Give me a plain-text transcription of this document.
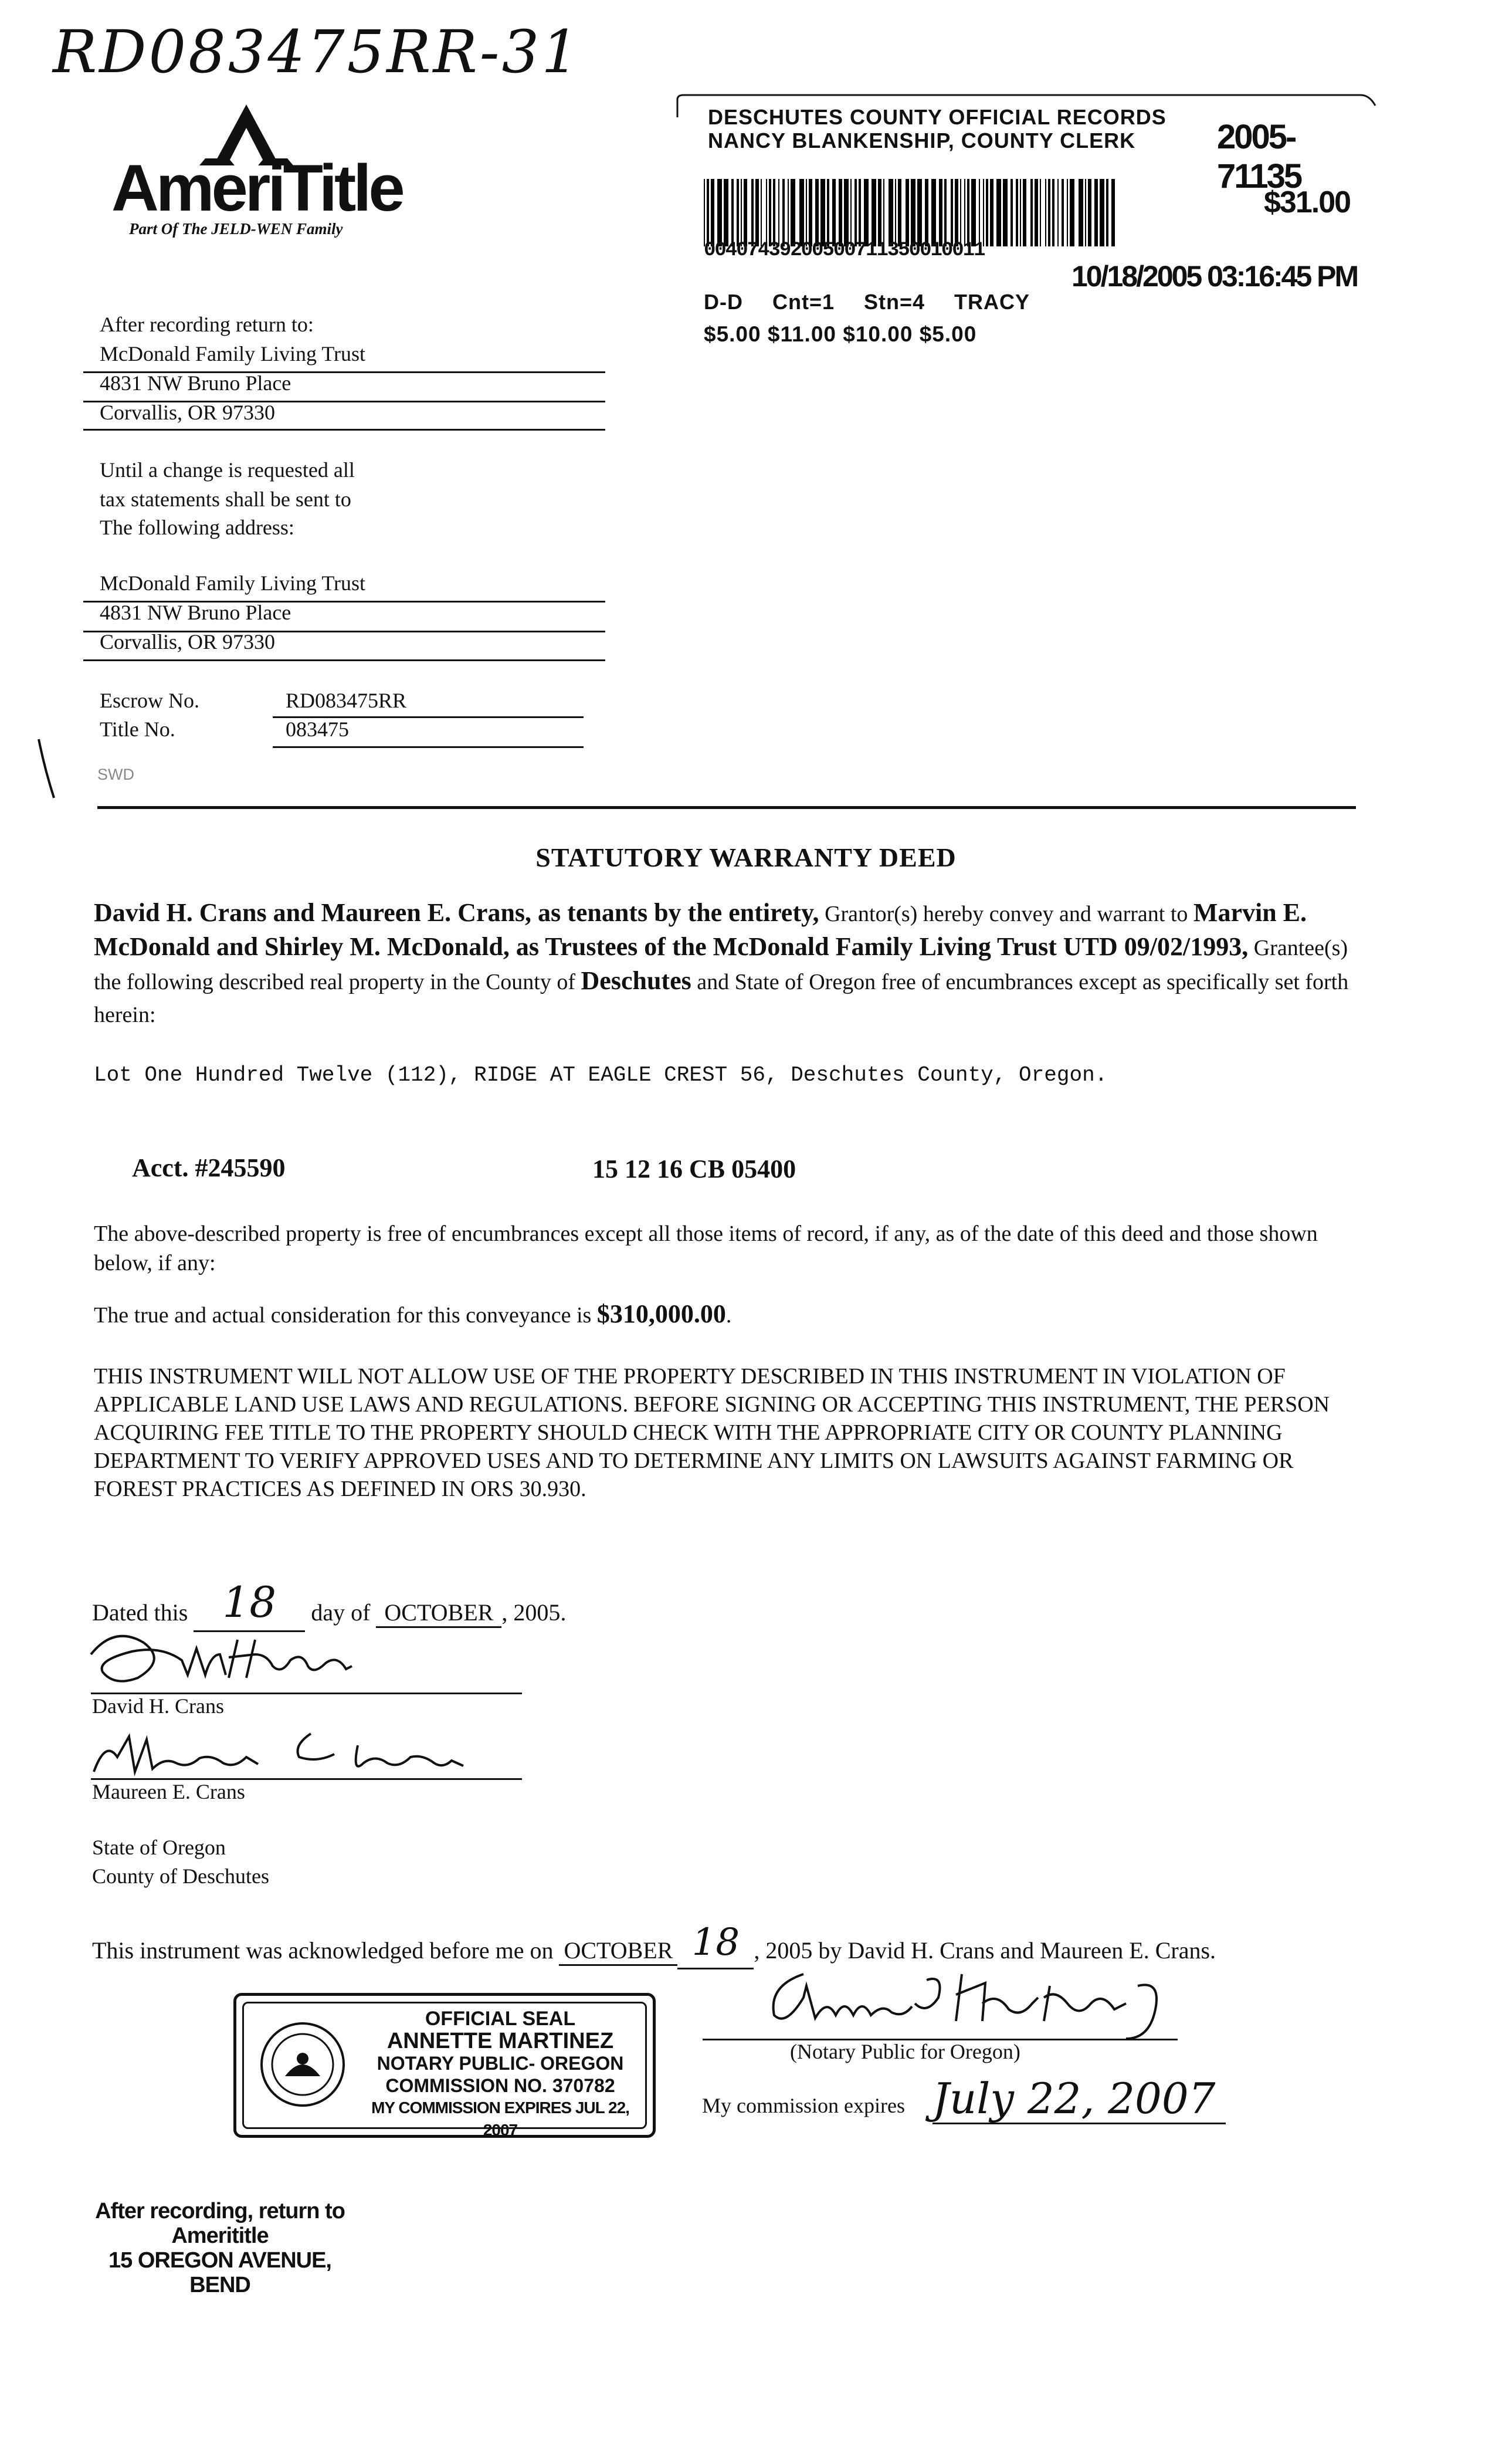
RD083475RR-31
AmeriTitle
Part Of The JELD-WEN Family
DESCHUTES COUNTY OFFICIAL RECORDS
NANCY BLANKENSHIP, COUNTY CLERK 2005-71135
$31.00
00407439200500711350010011
10/18/2005 03:16:45 PM
D-D  Cnt=1  Stn=4  TRACY
$5.00 $11.00 $10.00 $5.00
After recording return to:
McDonald Family Living Trust
4831 NW Bruno Place
Corvallis, OR 97330
Until a change is requested all
tax statements shall be sent to
The following address:
McDonald Family Living Trust
4831 NW Bruno Place
Corvallis, OR 97330
Escrow No.	RD083475RR
Title No.	083475
SWD
STATUTORY WARRANTY DEED
David H. Crans and Maureen E. Crans, as tenants by the entirety, Grantor(s) hereby convey and warrant to Marvin E. McDonald and Shirley M. McDonald, as Trustees of the McDonald Family Living Trust UTD 09/02/1993, Grantee(s) the following described real property in the County of Deschutes and State of Oregon free of encumbrances except as specifically set forth herein:
Lot One Hundred Twelve (112), RIDGE AT EAGLE CREST 56, Deschutes County, Oregon.
Acct. #245590	15 12 16 CB 05400
The above-described property is free of encumbrances except all those items of record, if any, as of the date of this deed and those shown below, if any:
The true and actual consideration for this conveyance is $310,000.00.
THIS INSTRUMENT WILL NOT ALLOW USE OF THE PROPERTY DESCRIBED IN THIS INSTRUMENT IN VIOLATION OF APPLICABLE LAND USE LAWS AND REGULATIONS. BEFORE SIGNING OR ACCEPTING THIS INSTRUMENT, THE PERSON ACQUIRING FEE TITLE TO THE PROPERTY SHOULD CHECK WITH THE APPROPRIATE CITY OR COUNTY PLANNING DEPARTMENT TO VERIFY APPROVED USES AND TO DETERMINE ANY LIMITS ON LAWSUITS AGAINST FARMING OR FOREST PRACTICES AS DEFINED IN ORS 30.930.
Dated this 18 day of OCTOBER , 2005.
David H. Crans
Maureen E. Crans
State of Oregon
County of Deschutes
This instrument was acknowledged before me on OCTOBER 18 , 2005 by David H. Crans and Maureen E. Crans.
OFFICIAL SEAL
ANNETTE MARTINEZ
NOTARY PUBLIC- OREGON
COMMISSION NO. 370782
MY COMMISSION EXPIRES JUL 22, 2007
(Notary Public for Oregon)
My commission expires July 22, 2007
After recording, return to
Amerititle
15 OREGON AVENUE, BEND
